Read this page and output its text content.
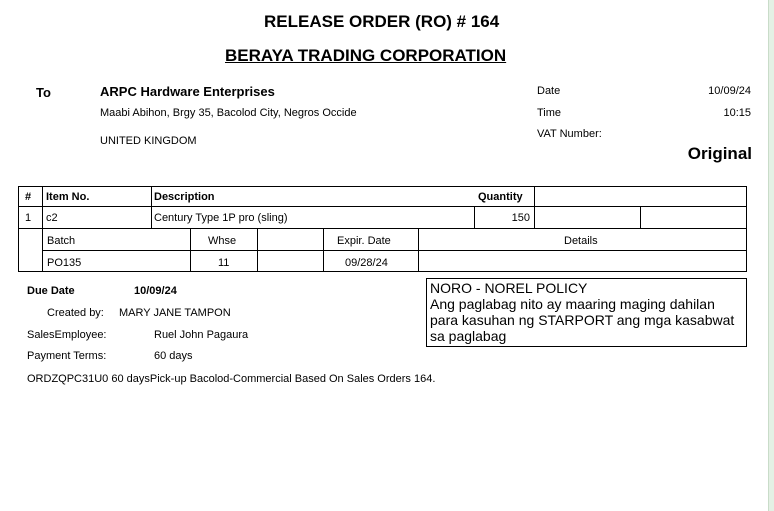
RELEASE ORDER (RO) # 164
BERAYA TRADING CORPORATION
To	ARPC Hardware Enterprises
Maabi Abihon, Brgy 35, Bacolod City, Negros Occide
UNITED KINGDOM
Date	10/09/24
Time	10:15
VAT Number:
Original
# Item No.	Description	Quantity
1 c2	Century Type 1P pro (sling)	150
Batch	Whse	Expir. Date	Details
PO135	11	09/28/24
Due Date	10/09/24
Created by: MARY JANE TAMPON
SalesEmployee:	Ruel John Pagaura
Payment Terms:	60 days
ORDZQPC31U0 60 daysPick-up Bacolod-Commercial Based On Sales Orders 164.
NORO - NOREL POLICY
Ang paglabag nito ay maaring maging dahilan para kasuhan ng STARPORT ang mga kasabwat sa paglabag
